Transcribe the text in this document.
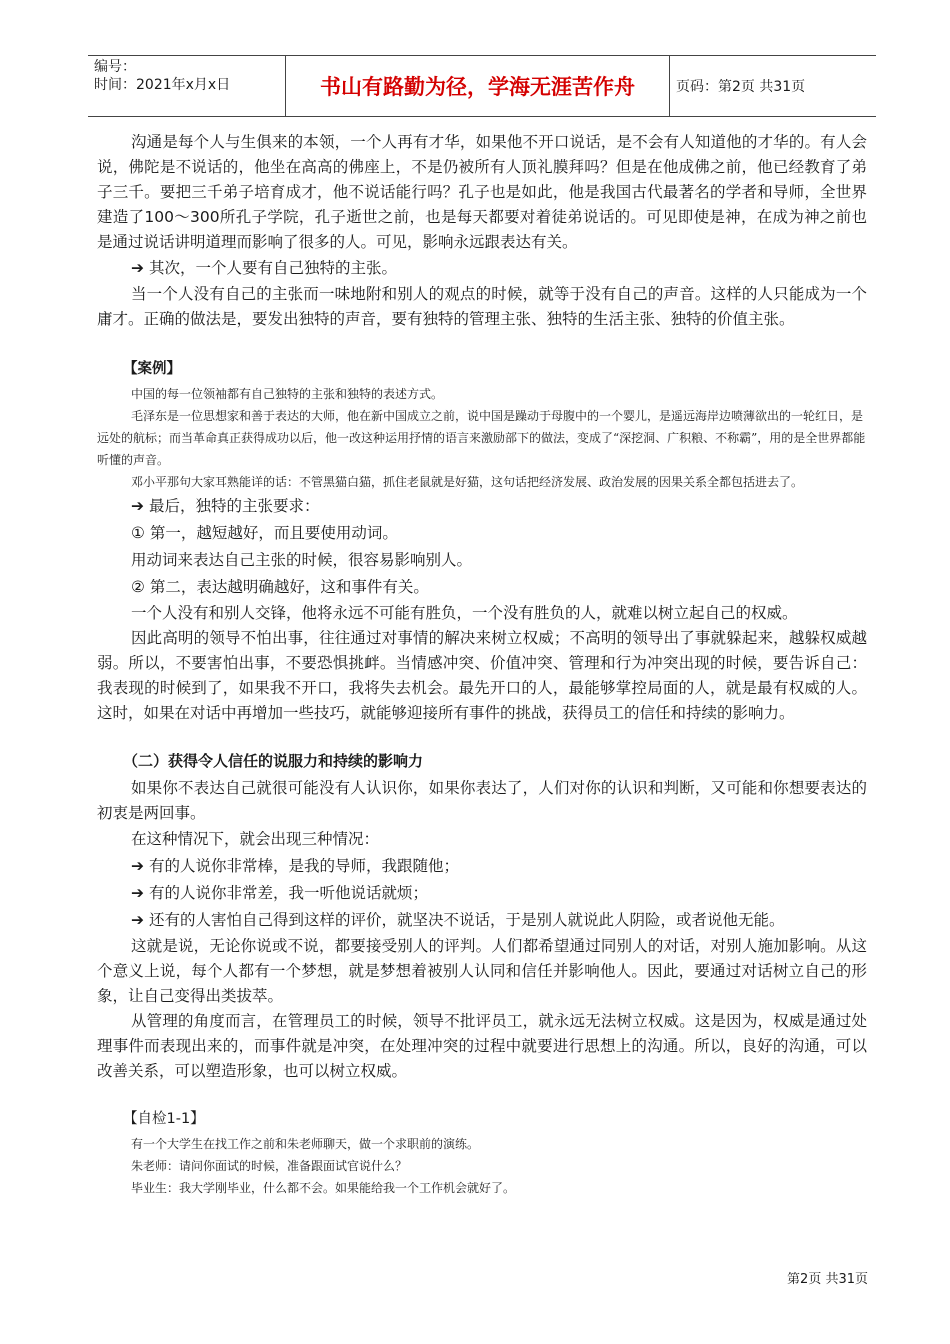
编号：
时间：2021年x月x日	书山有路勤为径，学海无涯苦作舟	页码：第2页 共31页

沟通是每个人与生俱来的本领，一个人再有才华，如果他不开口说话，是不会有人知道他的才华的。有人会说，佛陀是不说话的，他坐在高高的佛座上，不是仍被所有人顶礼膜拜吗？但是在他成佛之前，他已经教育了弟子三千。要把三千弟子培育成才，他不说话能行吗？孔子也是如此，他是我国古代最著名的学者和导师，全世界建造了100～300所孔子学院，孔子逝世之前，也是每天都要对着徒弟说话的。可见即使是神，在成为神之前也是通过说话讲明道理而影响了很多的人。可见，影响永远跟表达有关。

➔ 其次，一个人要有自己独特的主张。

当一个人没有自己的主张而一味地附和别人的观点的时候，就等于没有自己的声音。这样的人只能成为一个庸才。正确的做法是，要发出独特的声音，要有独特的管理主张、独特的生活主张、独特的价值主张。

【案例】

中国的每一位领袖都有自己独特的主张和独特的表述方式。

毛泽东是一位思想家和善于表达的大师，他在新中国成立之前，说中国是躁动于母腹中的一个婴儿，是遥远海岸边喷薄欲出的一轮红日，是远处的航标；而当革命真正获得成功以后，他一改这种运用抒情的语言来激励部下的做法，变成了“深挖洞、广积粮、不称霸”，用的是全世界都能听懂的声音。

邓小平那句大家耳熟能详的话：不管黑猫白猫，抓住老鼠就是好猫，这句话把经济发展、政治发展的因果关系全都包括进去了。

➔ 最后，独特的主张要求：

① 第一，越短越好，而且要使用动词。

用动词来表达自己主张的时候，很容易影响别人。

② 第二，表达越明确越好，这和事件有关。

一个人没有和别人交锋，他将永远不可能有胜负，一个没有胜负的人，就难以树立起自己的权威。

因此高明的领导不怕出事，往往通过对事情的解决来树立权威；不高明的领导出了事就躲起来，越躲权威越弱。所以，不要害怕出事，不要恐惧挑衅。当情感冲突、价值冲突、管理和行为冲突出现的时候，要告诉自己：我表现的时候到了，如果我不开口，我将失去机会。最先开口的人，最能够掌控局面的人，就是最有权威的人。这时，如果在对话中再增加一些技巧，就能够迎接所有事件的挑战，获得员工的信任和持续的影响力。

（二）获得令人信任的说服力和持续的影响力

如果你不表达自己就很可能没有人认识你，如果你表达了，人们对你的认识和判断，又可能和你想要表达的初衷是两回事。

在这种情况下，就会出现三种情况：

➔ 有的人说你非常棒，是我的导师，我跟随他；

➔ 有的人说你非常差，我一听他说话就烦；

➔ 还有的人害怕自己得到这样的评价，就坚决不说话，于是别人就说此人阴险，或者说他无能。

这就是说，无论你说或不说，都要接受别人的评判。人们都希望通过同别人的对话，对别人施加影响。从这个意义上说，每个人都有一个梦想，就是梦想着被别人认同和信任并影响他人。因此，要通过对话树立自己的形象，让自己变得出类拔萃。

从管理的角度而言，在管理员工的时候，领导不批评员工，就永远无法树立权威。这是因为，权威是通过处理事件而表现出来的，而事件就是冲突，在处理冲突的过程中就要进行思想上的沟通。所以，良好的沟通，可以改善关系，可以塑造形象，也可以树立权威。

【自检1-1】

有一个大学生在找工作之前和朱老师聊天，做一个求职前的演练。

朱老师：请问你面试的时候，准备跟面试官说什么？

毕业生：我大学刚毕业，什么都不会。如果能给我一个工作机会就好了。

第2页 共31页
